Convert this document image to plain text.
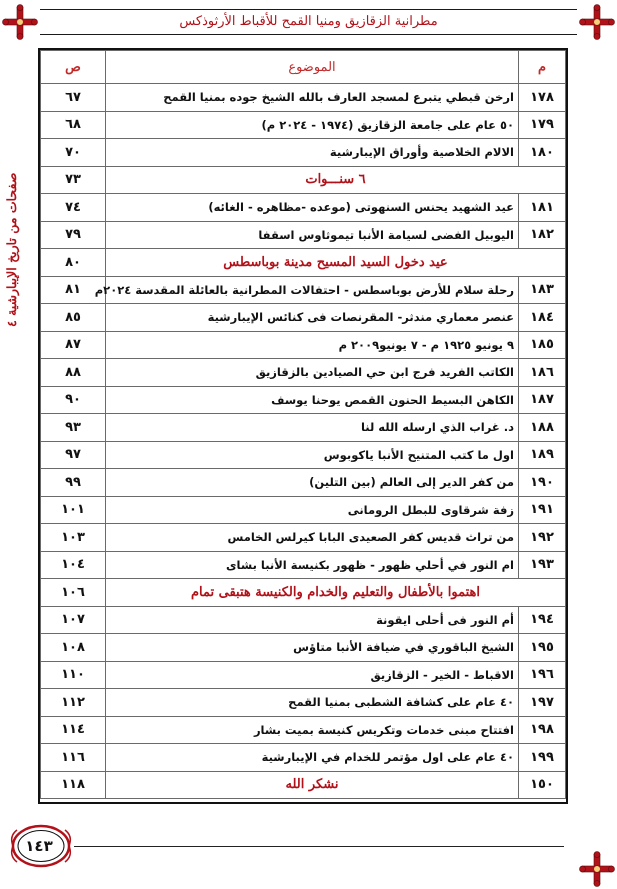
مطرانية الزقازيق ومنيا القمح للأقباط الأرثوذكس
صفحات من تاريخ الإيبارشية ٤
م	الموضوع	ص
١٧٨	ارخن قبطي يتبرع لمسجد العارف بالله الشيخ جوده بمنيا القمح	٦٧
١٧٩	٥٠ عام على جامعة الزقازيق (١٩٧٤ - ٢٠٢٤ م)	٦٨
١٨٠	الالام الخلاصية وأوراق الإيبارشية	٧٠
٦ سنـــوات		٧٣
١٨١	عيد الشهيد يحنس السنهوتى (موعده -مظاهره - الغائه)	٧٤
١٨٢	اليوبيل الفضى لسيامة الأنبا تيموثاوس اسقفا	٧٩
عيد دخول السيد المسيح مدينة بوباسطس		٨٠
١٨٣	رحلة سلام للأرض بوباسطس - احتفالات المطرانية بالعائلة المقدسة ٢٠٢٤م	٨١
١٨٤	عنصر معماري مندثر- المقرنصات فى كنائس الإيبارشية	٨٥
١٨٥	٩ يونيو ١٩٢٥ م - ٧ يونيو٢٠٠٩ م	٨٧
١٨٦	الكاتب الفريد فرج ابن حي الصيادين بالزقازيق	٨٨
١٨٧	الكاهن البسيط الحنون القمص يوحنا يوسف	٩٠
١٨٨	د. غراب الذي ارسله الله لنا	٩٣
١٨٩	اول ما كتب المتنيح الأنبا ياكوبوس	٩٧
١٩٠	من كفر الدير إلى العالم (بين التلين)	٩٩
١٩١	زفة شرقاوى للبطل الرومانى	١٠١
١٩٢	من تراث قديس كفر الصعيدى البابا كيرلس الخامس	١٠٣
١٩٣	ام النور في أحلي ظهور - ظهور بكنيسة الأنبا بشاى	١٠٤
اهتموا بالأطفال والتعليم والخدام والكنيسة هتبقى تمام		١٠٦
١٩٤	أم النور فى أحلى ايقونة	١٠٧
١٩٥	الشيخ الباقوري في ضيافة الأنبا متاؤس	١٠٨
١٩٦	الاقباط - الخير - الزقازيق	١١٠
١٩٧	٤٠ عام على كشافة الشطبى بمنيا القمح	١١٢
١٩٨	افتتاح مبنى خدمات وتكريس كنيسة بميت بشار	١١٤
١٩٩	٤٠ عام على اول مؤتمر للخدام في الإيبارشية	١١٦
١٥٠	نشكر الله	١١٨
١٤٣
